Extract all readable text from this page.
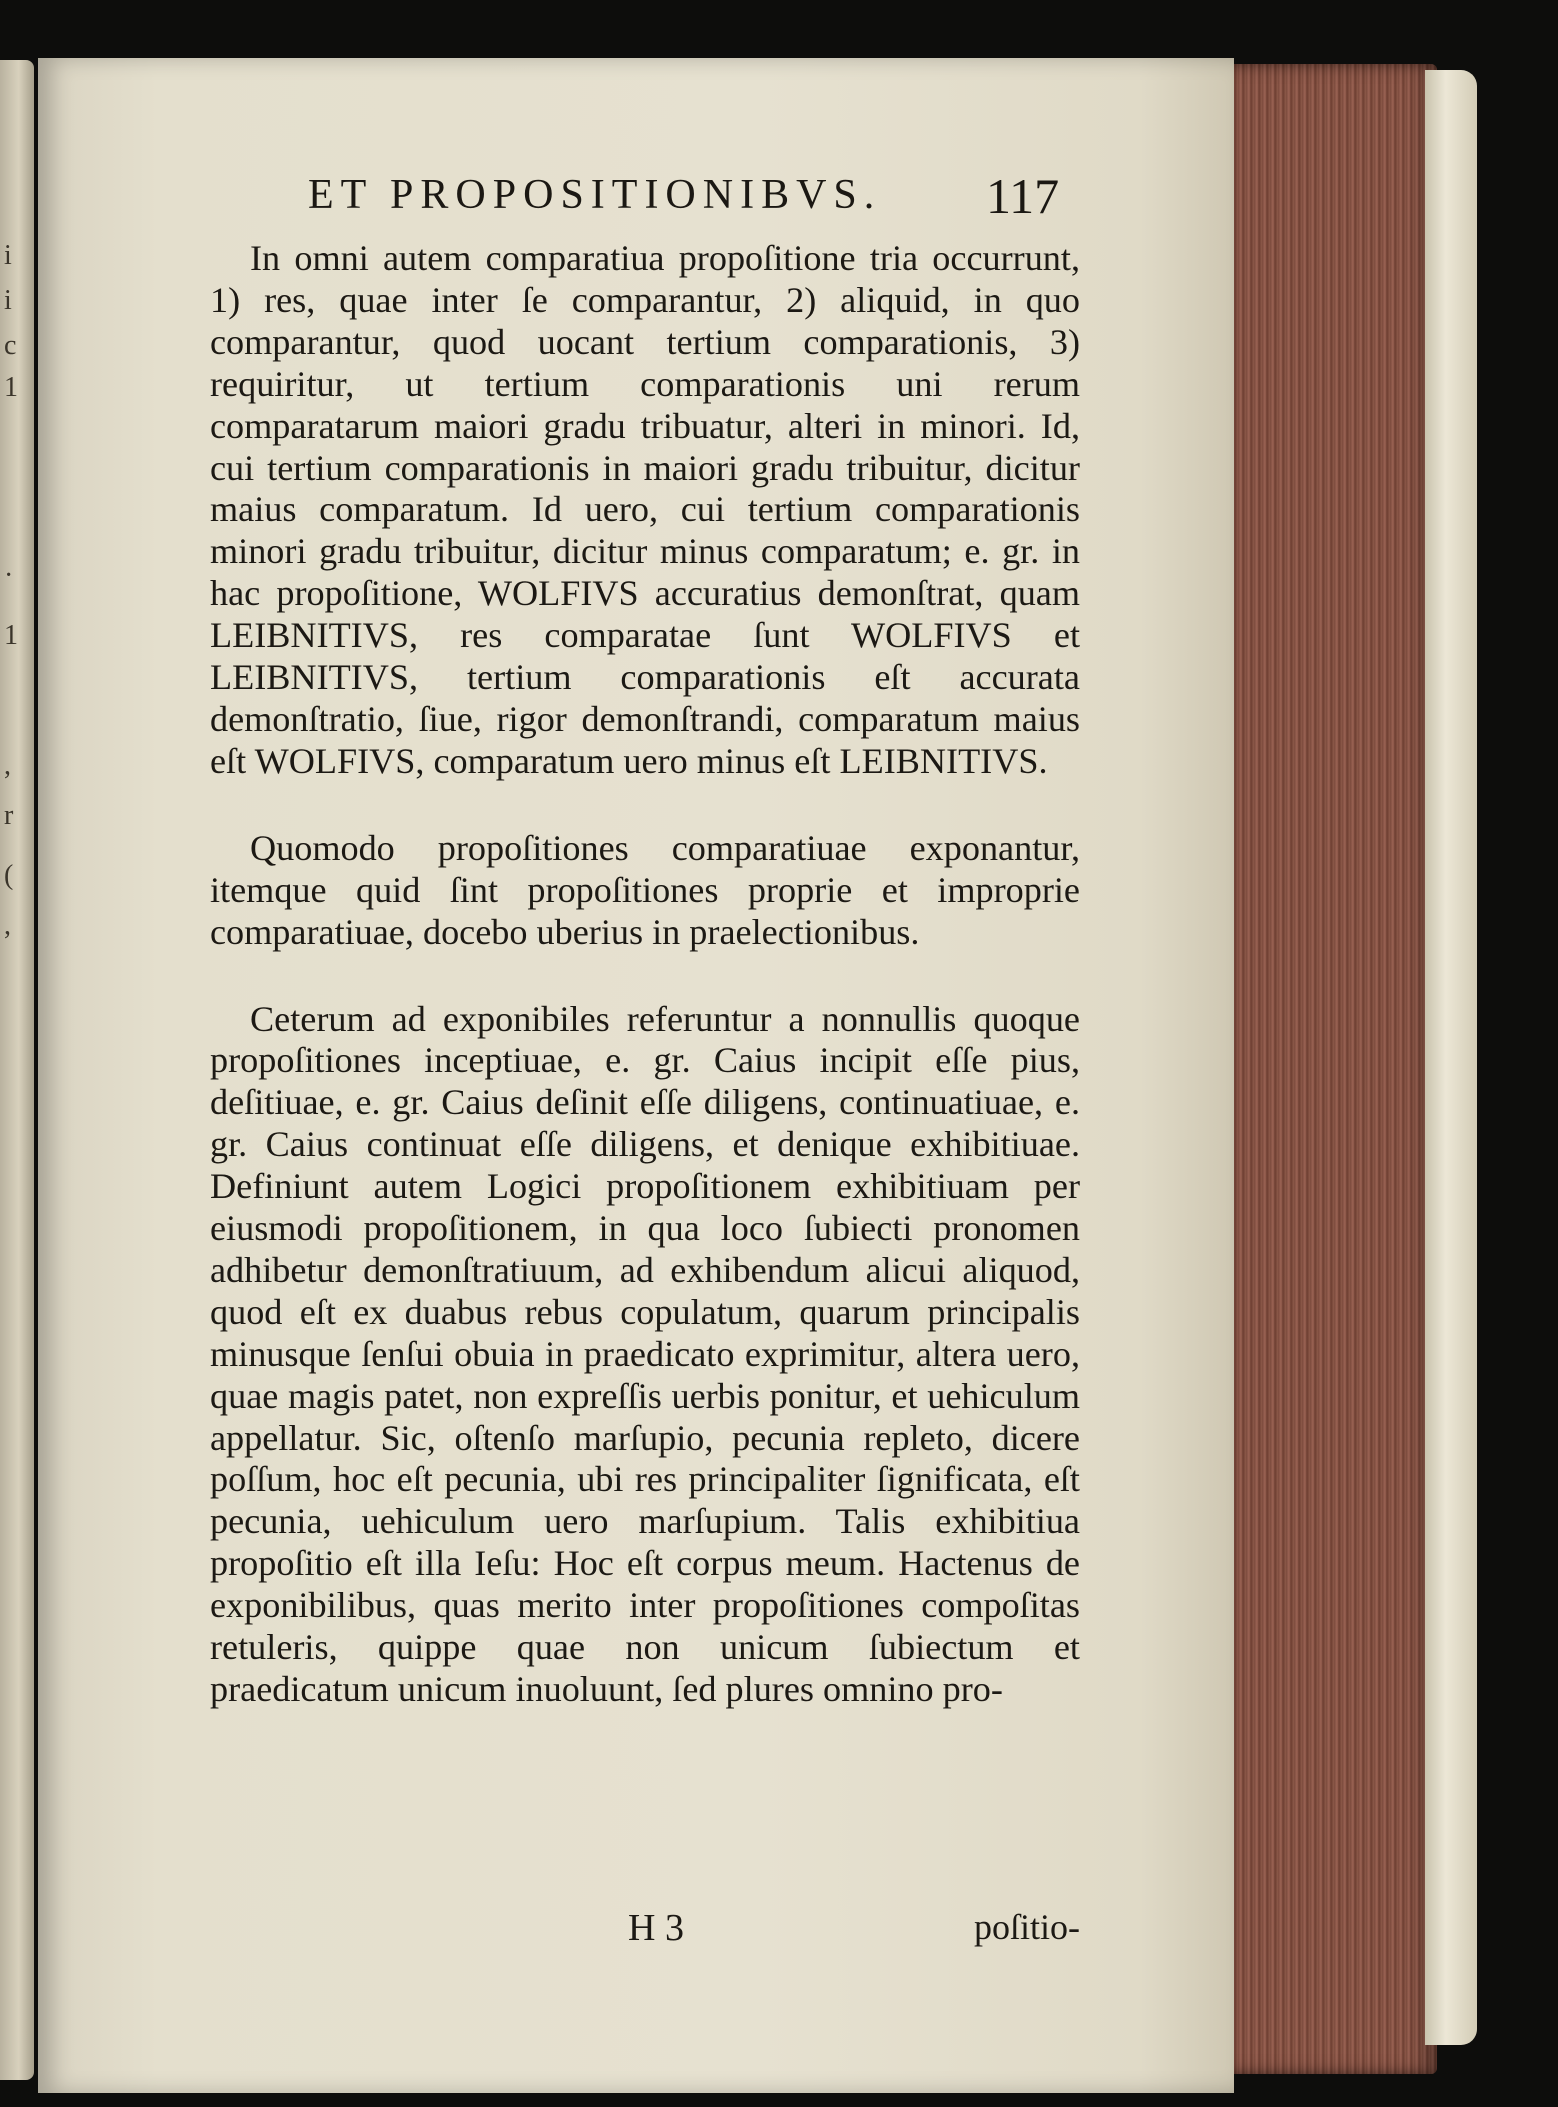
i
i
c
1
·
1
,
r
(
,
ET PROPOSITIONIBVS. 117

In omni autem comparatiua propoſitione tria occurrunt, 1) res, quae inter ſe comparantur, 2) aliquid, in quo comparantur, quod uocant tertium comparationis, 3) requiritur, ut tertium comparationis uni rerum comparatarum maiori gradu tribuatur, alteri in minori. Id, cui tertium comparationis in maiori gradu tribuitur, dicitur maius comparatum. Id uero, cui tertium comparationis minori gradu tribuitur, dicitur minus comparatum; e. gr. in hac propoſitione, WOLFIVS accuratius demonſtrat, quam LEIBNITIVS, res comparatae ſunt WOLFIVS et LEIBNITIVS, tertium comparationis eſt accurata demonſtratio, ſiue, rigor demonſtrandi, comparatum maius eſt WOLFIVS, comparatum uero minus eſt LEIBNITIVS.

Quomodo propoſitiones comparatiuae exponantur, itemque quid ſint propoſitiones proprie et improprie comparatiuae, docebo uberius in praelectionibus.

Ceterum ad exponibiles referuntur a nonnullis quoque propoſitiones inceptiuae, e. gr. Caius incipit eſſe pius, deſitiuae, e. gr. Caius deſinit eſſe diligens, continuatiuae, e. gr. Caius continuat eſſe diligens, et denique exhibitiuae. Definiunt autem Logici propoſitionem exhibitiuam per eiusmodi propoſitionem, in qua loco ſubiecti pronomen adhibetur demonſtratiuum, ad exhibendum alicui aliquod, quod eſt ex duabus rebus copulatum, quarum principalis minusque ſenſui obuia in praedicato exprimitur, altera uero, quae magis patet, non expreſſis uerbis ponitur, et uehiculum appellatur. Sic, oſtenſo marſupio, pecunia repleto, dicere poſſum, hoc eſt pecunia, ubi res principaliter ſignificata, eſt pecunia, uehiculum uero marſupium. Talis exhibitiua propoſitio eſt illa Ieſu: Hoc eſt corpus meum. Hactenus de exponibilibus, quas merito inter propoſitiones compoſitas retuleris, quippe quae non unicum ſubiectum et praedicatum unicum inuoluunt, ſed plures omnino pro-

H 3	poſitio-
